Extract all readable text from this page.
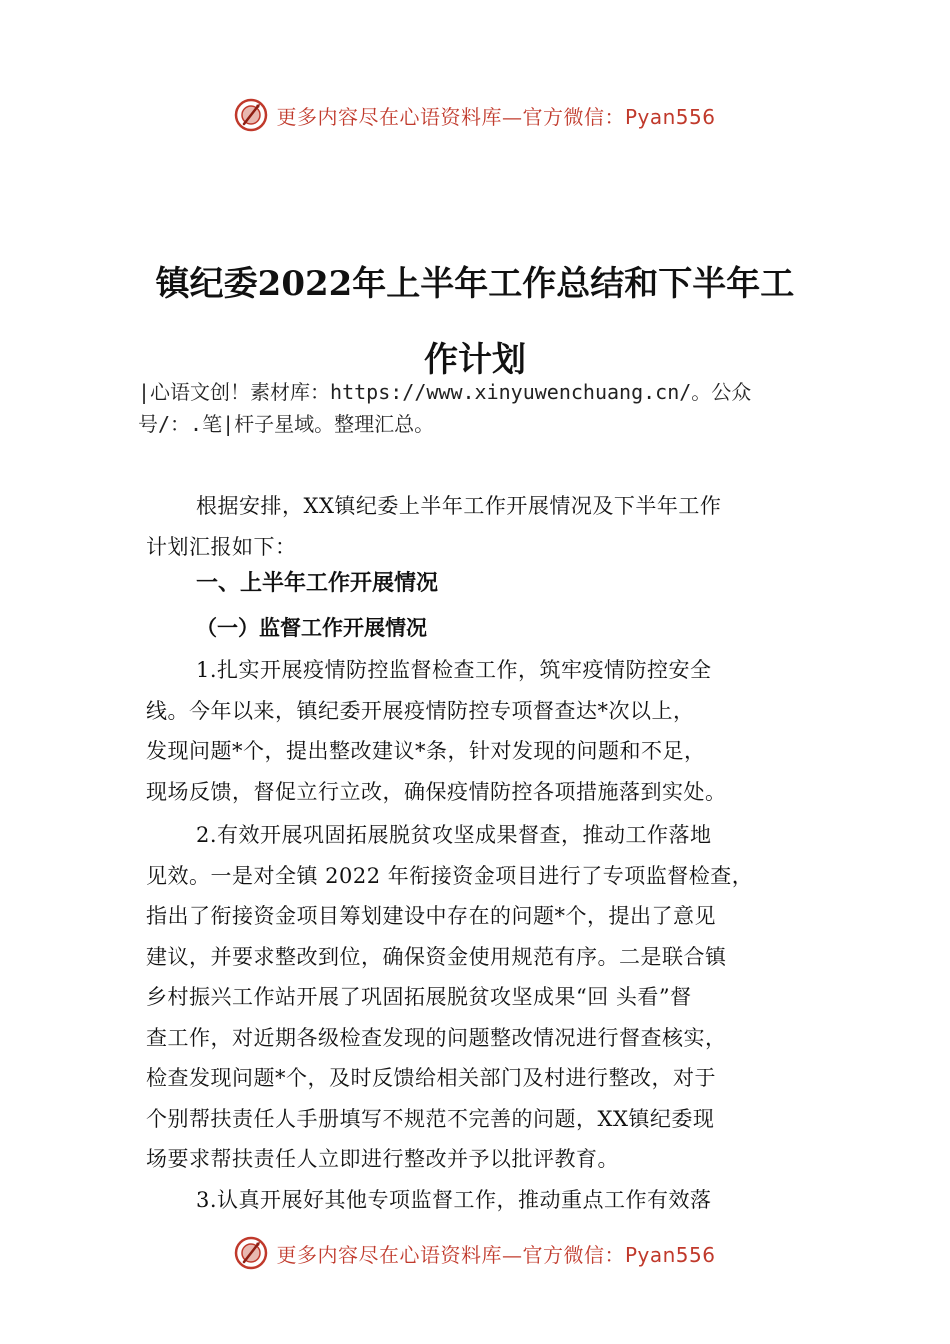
更多内容尽在心语资料库—官方微信：Pyan556
镇纪委2022年上半年工作总结和下半年工
作计划
|心语文创！素材库：https://www.xinyuwenchuang.cn/。公众
号/：.笔|杆子星域。整理汇总。
根据安排，XX镇纪委上半年工作开展情况及下半年工作
计划汇报如下：
一、上半年工作开展情况
（一）监督工作开展情况
1.扎实开展疫情防控监督检查工作，筑牢疫情防控安全
线。今年以来，镇纪委开展疫情防控专项督查达*次以上，
发现问题*个，提出整改建议*条，针对发现的问题和不足，
现场反馈，督促立行立改，确保疫情防控各项措施落到实处。
2.有效开展巩固拓展脱贫攻坚成果督查，推动工作落地
见效。一是对全镇 2022 年衔接资金项目进行了专项监督检查，
指出了衔接资金项目筹划建设中存在的问题*个，提出了意见
建议，并要求整改到位，确保资金使用规范有序。二是联合镇
乡村振兴工作站开展了巩固拓展脱贫攻坚成果“回 头看”督
查工作，对近期各级检查发现的问题整改情况进行督查核实，
检查发现问题*个，及时反馈给相关部门及村进行整改，对于
个别帮扶责任人手册填写不规范不完善的问题，XX镇纪委现
场要求帮扶责任人立即进行整改并予以批评教育。
3.认真开展好其他专项监督工作，推动重点工作有效落
更多内容尽在心语资料库—官方微信：Pyan556
